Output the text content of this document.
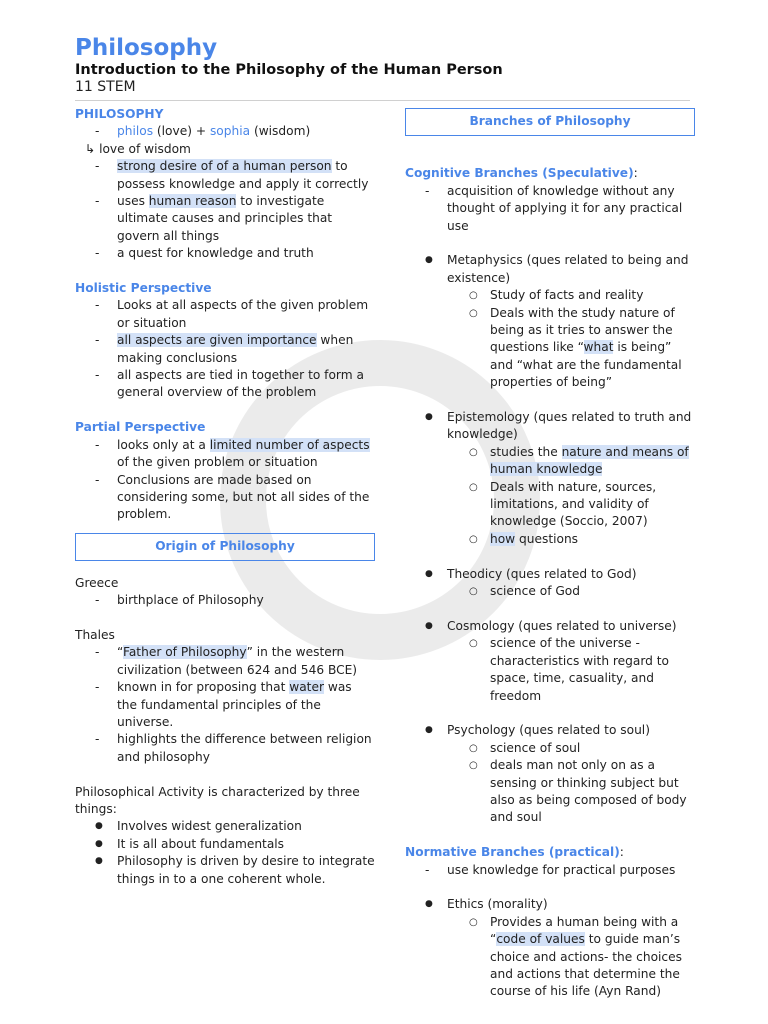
Philosophy

Introduction to the Philosophy of the Human Person

11 STEM

PHILOSOPHY

- philos (love) + sophia (wisdom)
↳ love of wisdom
- strong desire of of a human person to possess knowledge and apply it correctly
- uses human reason to investigate ultimate causes and principles that govern all things
- a quest for knowledge and truth

Holistic Perspective

- Looks at all aspects of the given problem or situation
- all aspects are given importance when making conclusions
- all aspects are tied in together to form a general overview of the problem

Partial Perspective

- looks only at a limited number of aspects of the given problem or situation
- Conclusions are made based on considering some, but not all sides of the problem.
Origin of Philosophy
Greece
- birthplace of Philosophy
Thales
- “Father of Philosophy” in the western civilization (between 624 and 546 BCE)
- known in for proposing that water was the fundamental principles of the universe.
- highlights the difference between religion and philosophy
Philosophical Activity is characterized by three things:
● Involves widest generalization
● It is all about fundamentals
● Philosophy is driven by desire to integrate things in to a one coherent whole.
Branches of Philosophy

Cognitive Branches (Speculative):

- acquisition of knowledge without any thought of applying it for any practical use
● Metaphysics (ques related to being and existence)
○ Study of facts and reality
○ Deals with the study nature of being as it tries to answer the questions like “what is being” and “what are the fundamental properties of being”
● Epistemology (ques related to truth and knowledge)
○ studies the nature and means of human knowledge
○ Deals with nature, sources, limitations, and validity of knowledge (Soccio, 2007)
○ how questions
● Theodicy (ques related to God)
○ science of God
● Cosmology (ques related to universe)
○ science of the universe - characteristics with regard to space, time, casuality, and freedom
● Psychology (ques related to soul)
○ science of soul
○ deals man not only on as a sensing or thinking subject but also as being composed of body and soul

Normative Branches (practical):

- use knowledge for practical purposes
● Ethics (morality)
○ Provides a human being with a “code of values to guide man’s choice and actions- the choices and actions that determine the course of his life (Ayn Rand)
